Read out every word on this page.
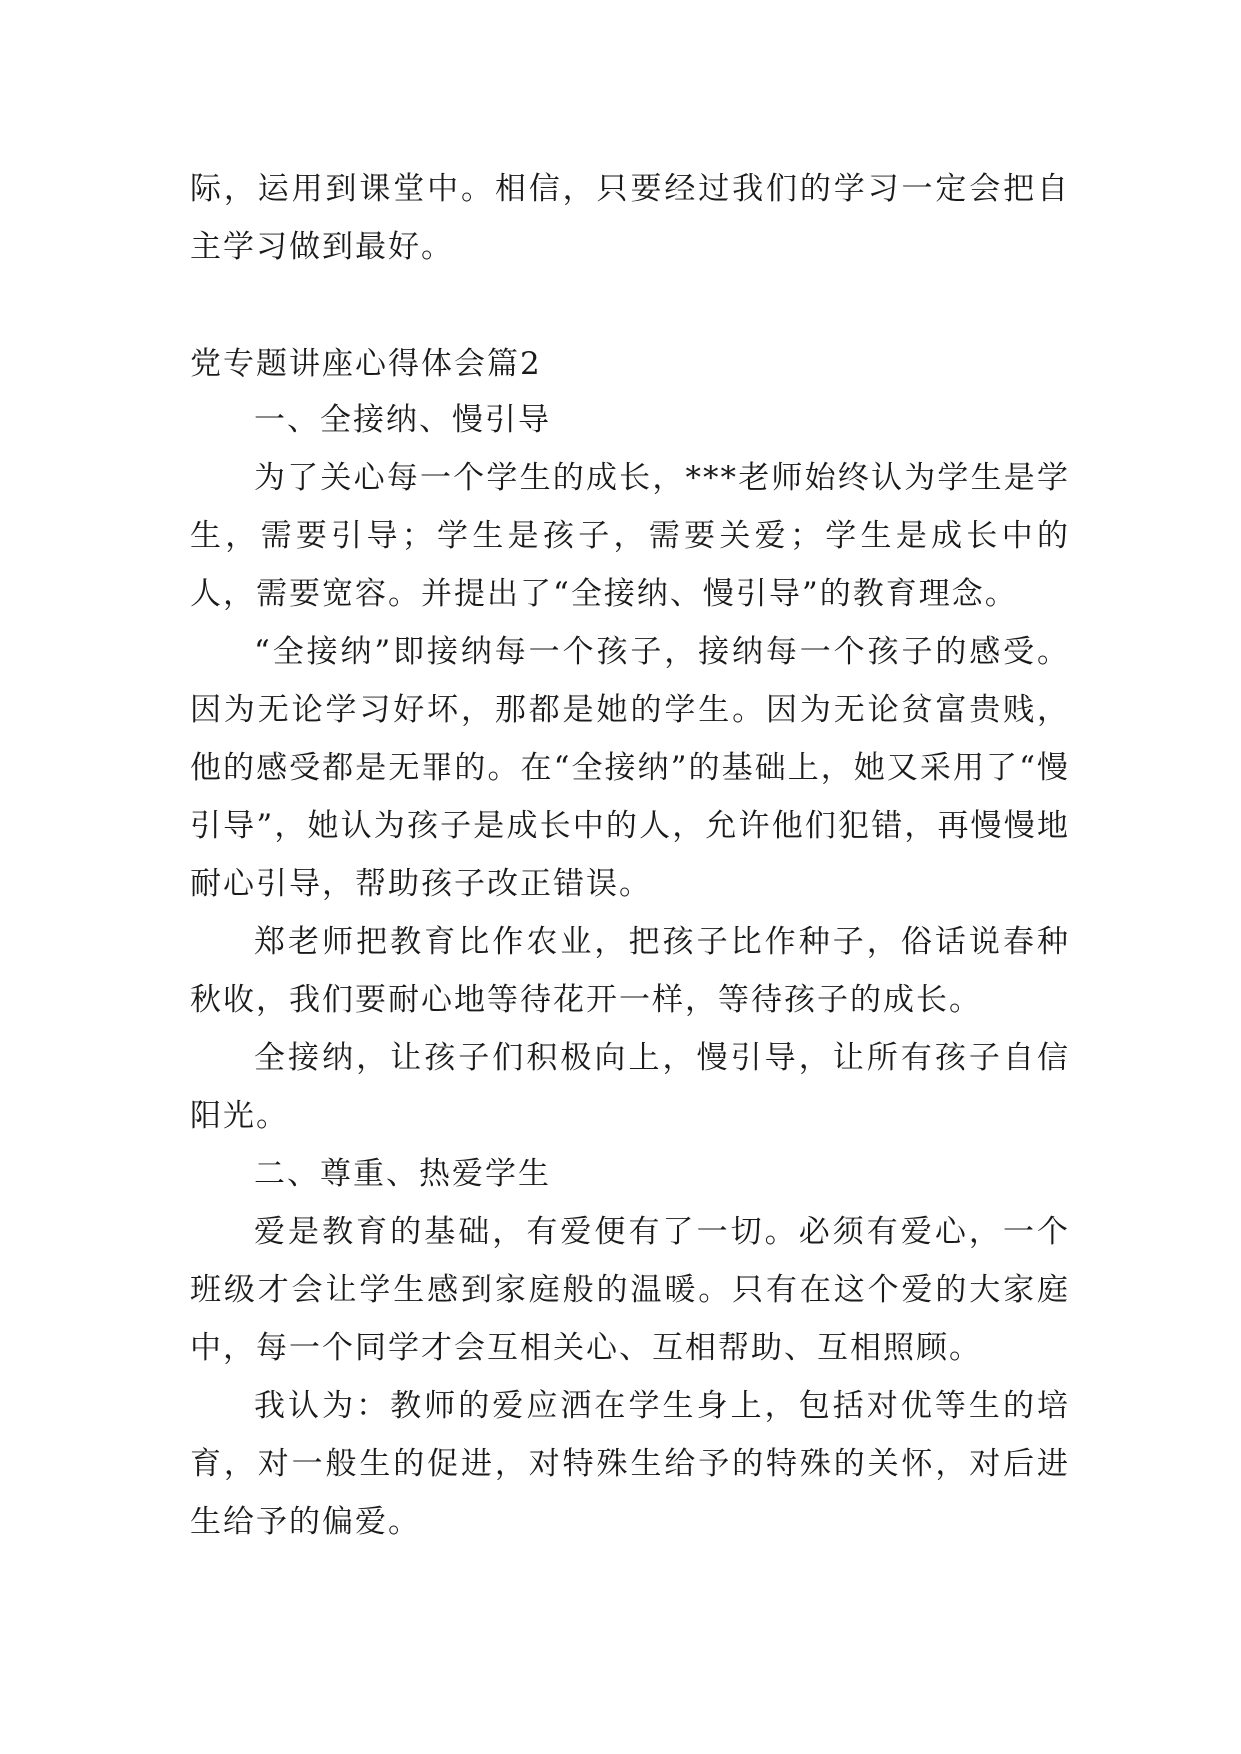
际，运用到课堂中。相信，只要经过我们的学习一定会把自主学习做到最好。

党专题讲座心得体会篇2

一、全接纳、慢引导

为了关心每一个学生的成长，***老师始终认为学生是学生，需要引导；学生是孩子，需要关爱；学生是成长中的人，需要宽容。并提出了“全接纳、慢引导”的教育理念。

“全接纳”即接纳每一个孩子，接纳每一个孩子的感受。因为无论学习好坏，那都是她的学生。因为无论贫富贵贱，他的感受都是无罪的。在“全接纳”的基础上，她又采用了“慢引导”，她认为孩子是成长中的人，允许他们犯错，再慢慢地耐心引导，帮助孩子改正错误。

郑老师把教育比作农业，把孩子比作种子，俗话说春种秋收，我们要耐心地等待花开一样，等待孩子的成长。

全接纳，让孩子们积极向上，慢引导，让所有孩子自信阳光。

二、尊重、热爱学生

爱是教育的基础，有爱便有了一切。必须有爱心，一个班级才会让学生感到家庭般的温暖。只有在这个爱的大家庭中，每一个同学才会互相关心、互相帮助、互相照顾。

我认为：教师的爱应洒在学生身上，包括对优等生的培育，对一般生的促进，对特殊生给予的特殊的关怀，对后进生给予的偏爱。
